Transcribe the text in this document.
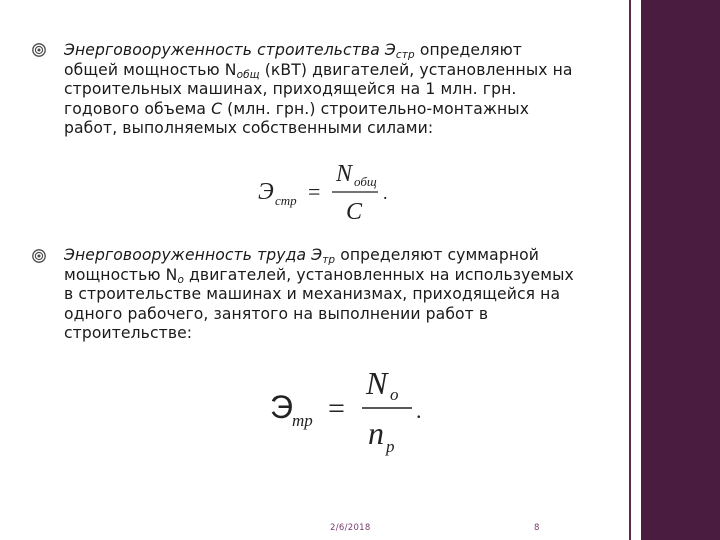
Энерговооруженность строительства $Э_{стр}$ определяют
общей мощностью $N_{общ}$ (кВТ) двигателей, установленных на
строительных машинах, приходящейся на 1 млн. грн.
годового объема C (млн. грн.) строительно-монтажных
работ, выполняемых собственными силами:
Э стр =
N общ
C
.
Энерговооруженность труда $Э_{тр}$ определяют суммарной
мощностью $N_о$ двигателей, установленных на используемых
в строительстве машинах и механизмах, приходящейся на
одного рабочего, занятого на выполнении работ в
строительстве:
Э тр =
N o
n p
.
2/6/2018	8
